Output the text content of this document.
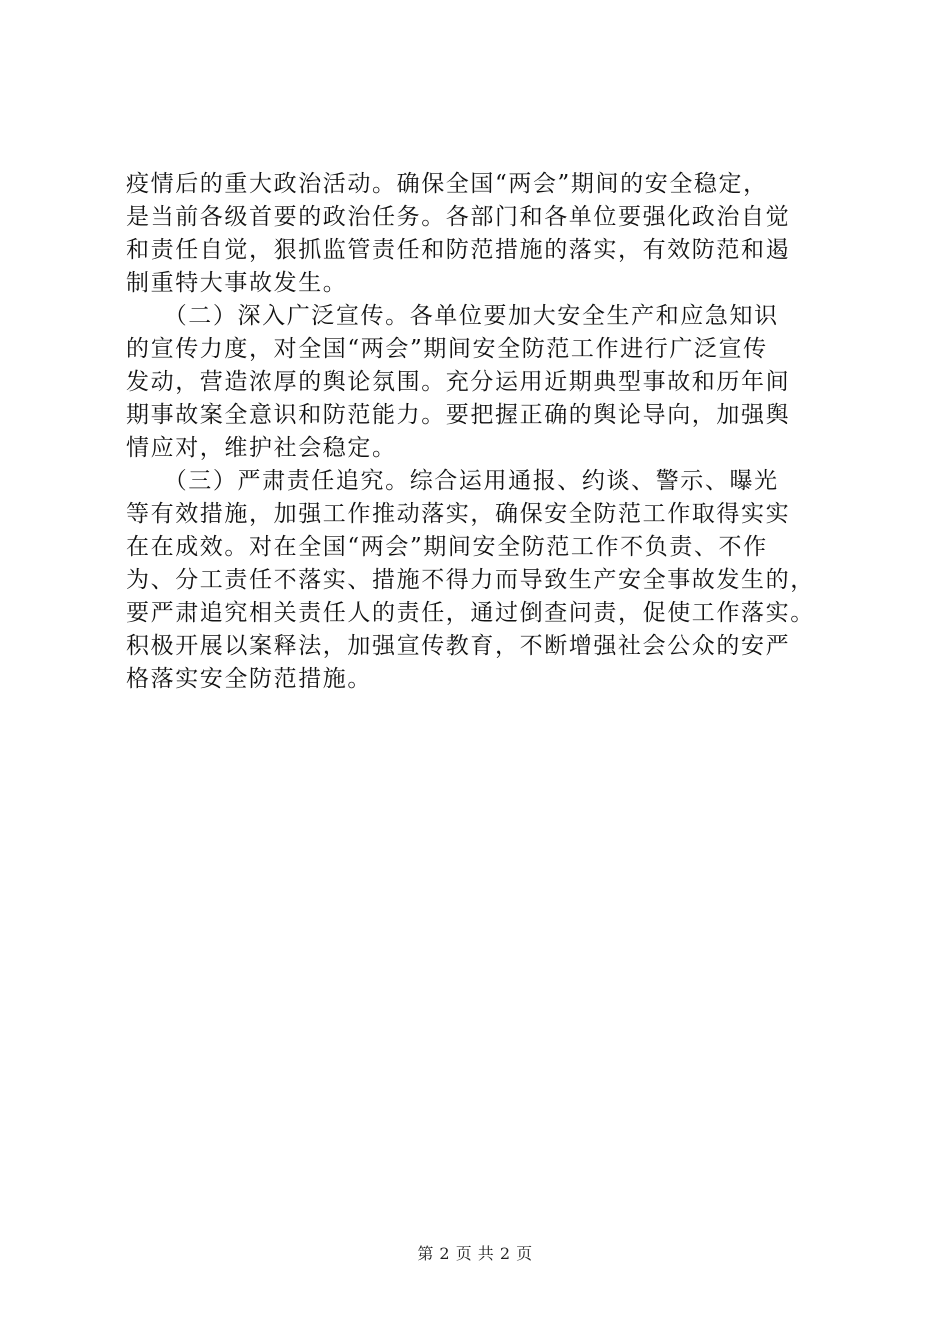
疫情后的重大政治活动。确保全国“两会”期间的安全稳定，
是当前各级首要的政治任务。各部门和各单位要强化政治自觉
和责任自觉，狠抓监管责任和防范措施的落实，有效防范和遏
制重特大事故发生。
　　（二）深入广泛宣传。各单位要加大安全生产和应急知识
的宣传力度，对全国“两会”期间安全防范工作进行广泛宣传
发动，营造浓厚的舆论氛围。充分运用近期典型事故和历年间
期事故案全意识和防范能力。要把握正确的舆论导向，加强舆
情应对，维护社会稳定。
　　（三）严肃责任追究。综合运用通报、约谈、警示、曝光
等有效措施，加强工作推动落实，确保安全防范工作取得实实
在在成效。对在全国“两会”期间安全防范工作不负责、不作
为、分工责任不落实、措施不得力而导致生产安全事故发生的，
要严肃追究相关责任人的责任，通过倒查问责，促使工作落实。
积极开展以案释法，加强宣传教育，不断增强社会公众的安严
格落实安全防范措施。
第 2 页 共 2 页
